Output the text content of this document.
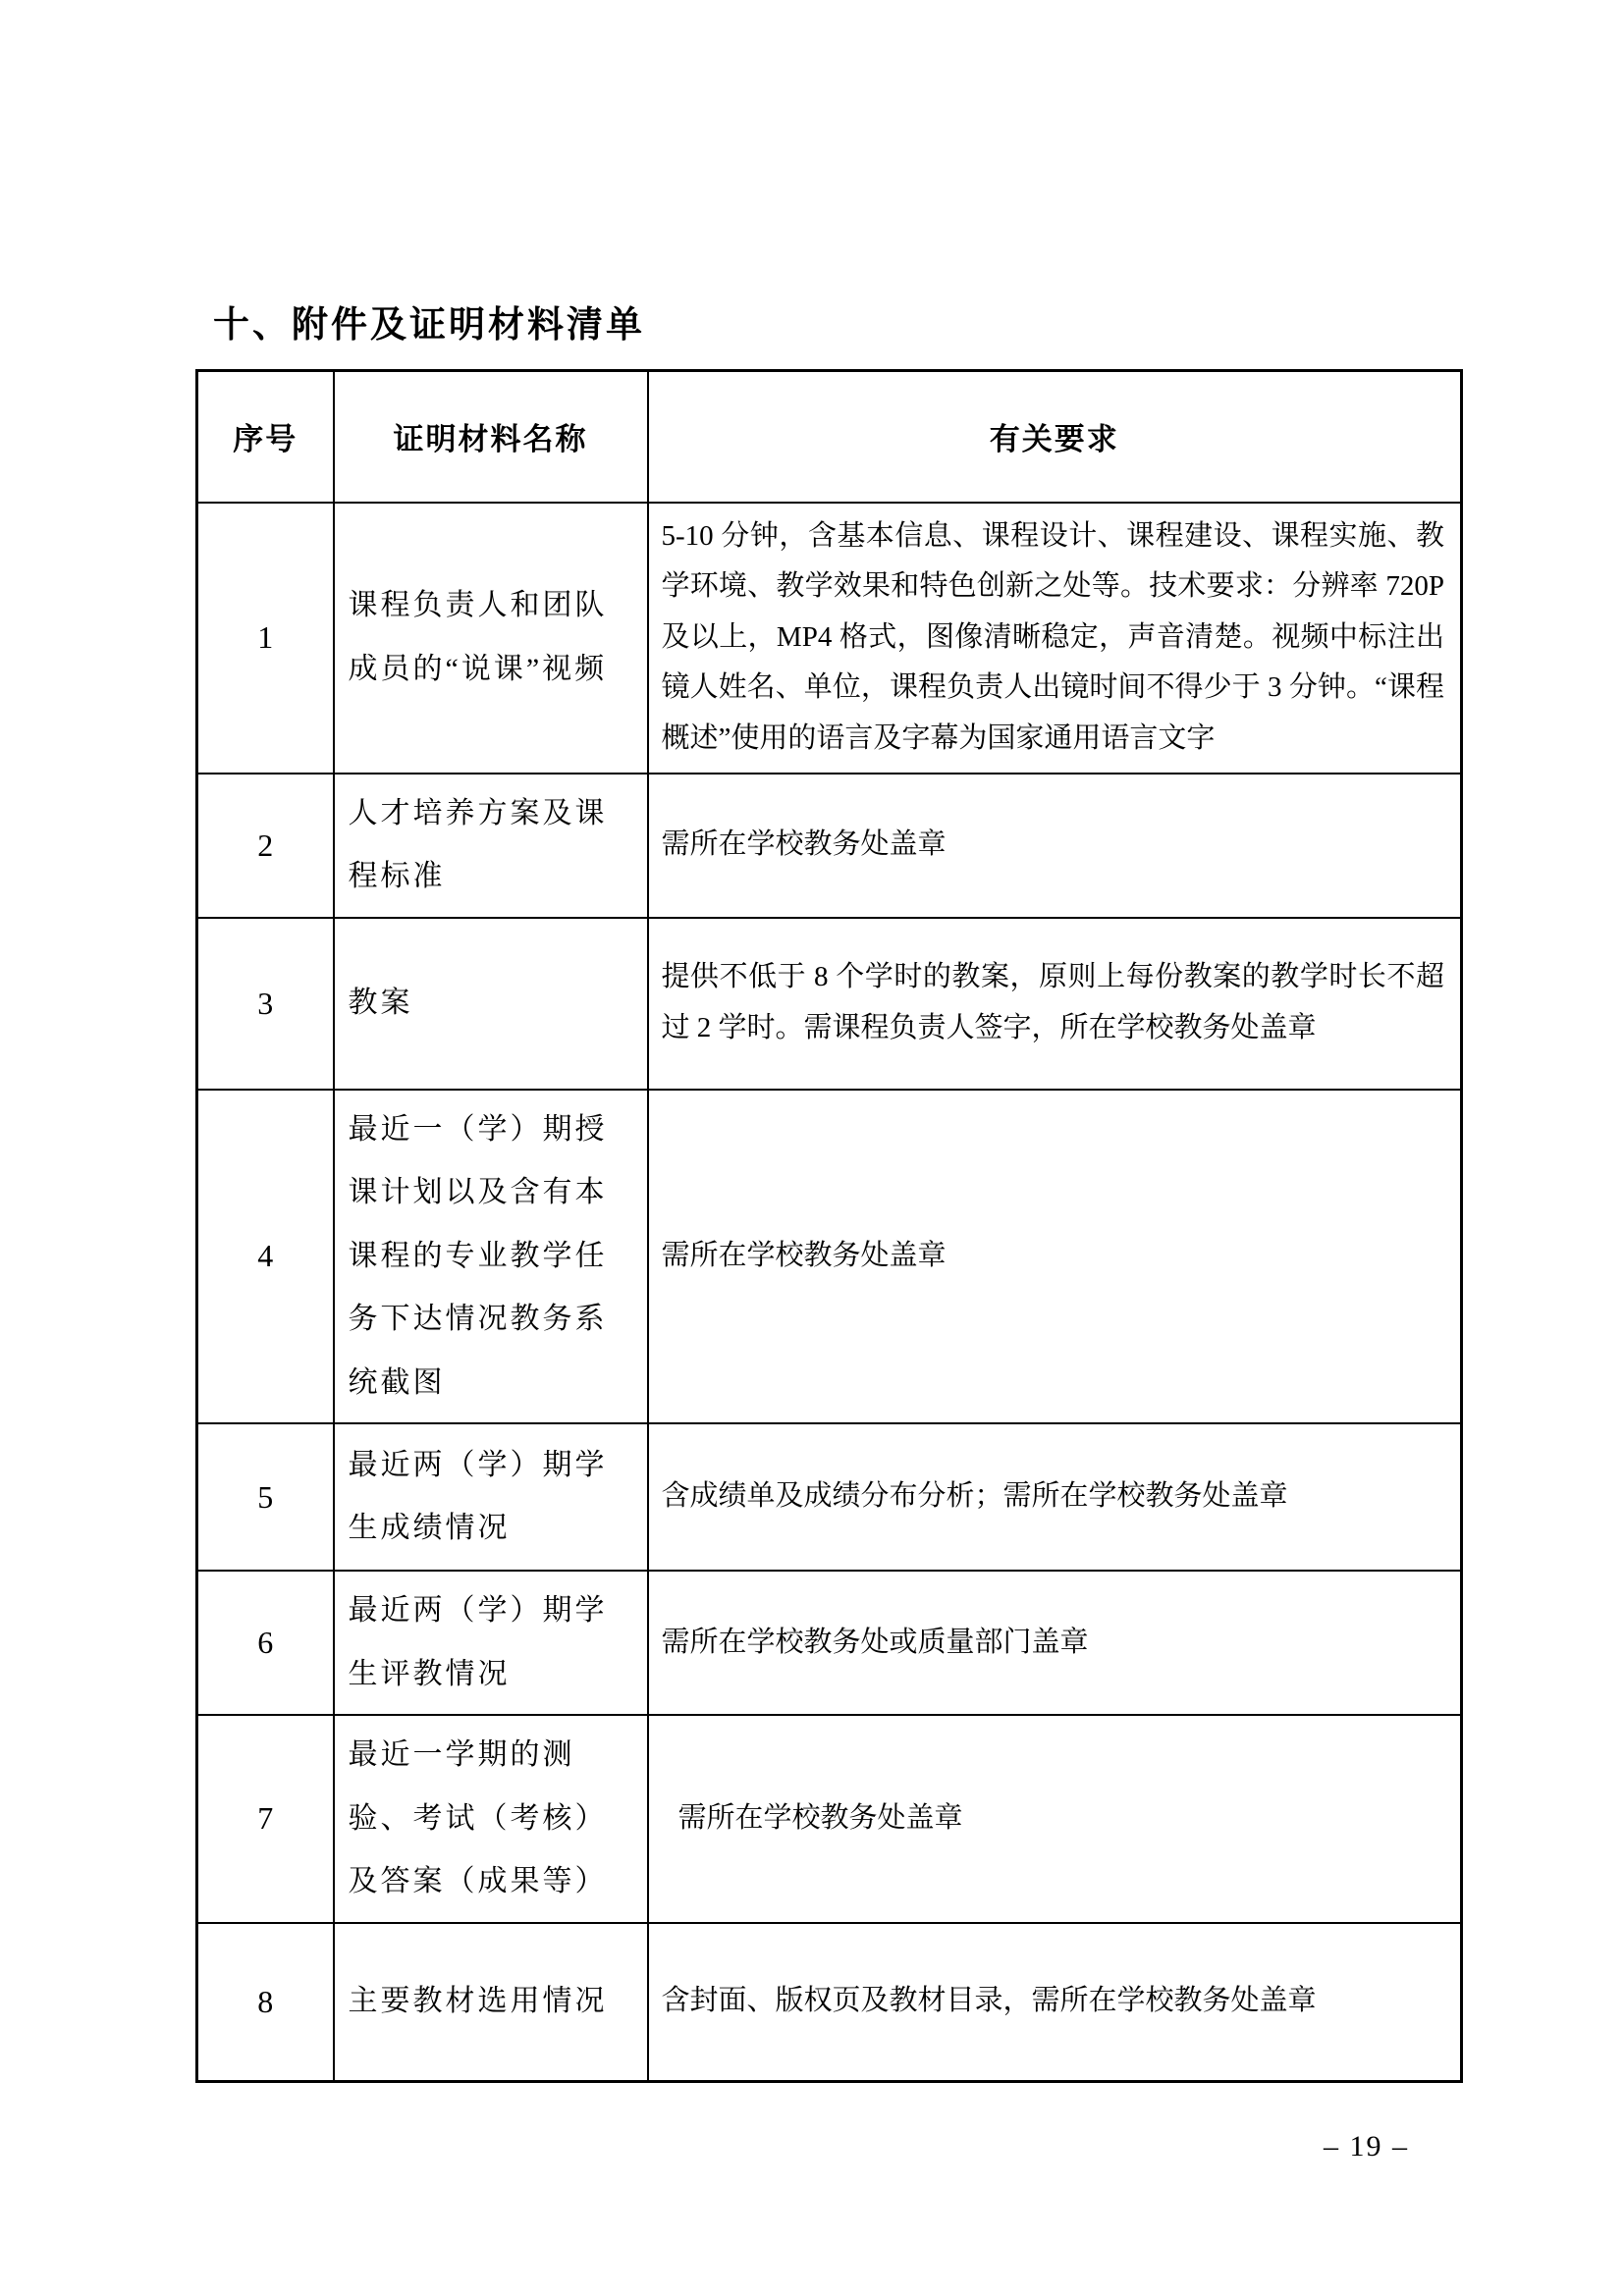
十、附件及证明材料清单
序号	证明材料名称	有关要求
1	课程负责人和团队成员的“说课”视频	5-10 分钟，含基本信息、课程设计、课程建设、课程实施、教学环境、教学效果和特色创新之处等。技术要求：分辨率 720P 及以上，MP4 格式，图像清晰稳定，声音清楚。视频中标注出镜人姓名、单位，课程负责人出镜时间不得少于 3 分钟。“课程概述”使用的语言及字幕为国家通用语言文字
2	人才培养方案及课程标准	需所在学校教务处盖章
3	教案	提供不低于 8 个学时的教案，原则上每份教案的教学时长不超过 2 学时。需课程负责人签字，所在学校教务处盖章
4	最近一（学）期授课计划以及含有本课程的专业教学任务下达情况教务系统截图	需所在学校教务处盖章
5	最近两（学）期学生成绩情况	含成绩单及成绩分布分析；需所在学校教务处盖章
6	最近两（学）期学生评教情况	需所在学校教务处或质量部门盖章
7	最近一学期的测验、考试（考核）及答案（成果等）	需所在学校教务处盖章
8	主要教材选用情况	含封面、版权页及教材目录，需所在学校教务处盖章
– 19 –
